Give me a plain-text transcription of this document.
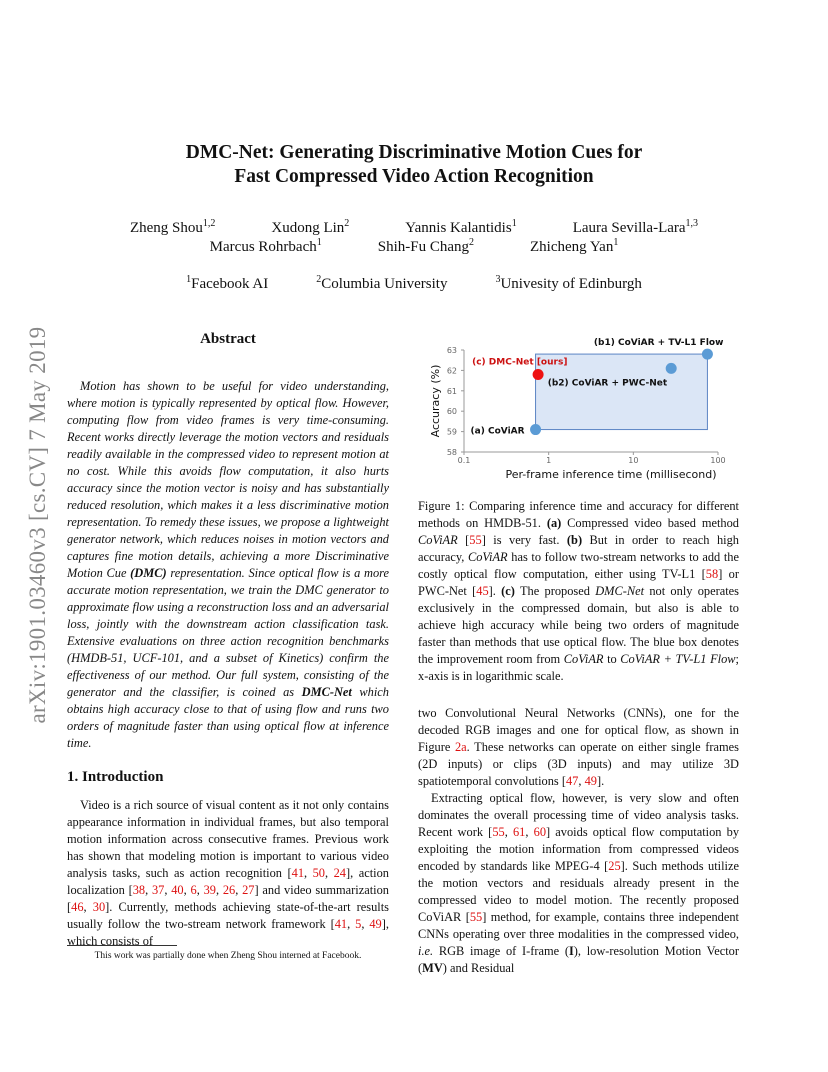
arXiv:1901.03460v3 [cs.CV] 7 May 2019
DMC-Net: Generating Discriminative Motion Cues for
Fast Compressed Video Action Recognition
Zheng Shou$^{1,2}$	Xudong Lin$^2$	Yannis Kalantidis$^1$	Laura Sevilla-Lara$^{1,3}$
Marcus Rohrbach$^1$	Shih-Fu Chang$^2$	Zhicheng Yan$^1$
$^1$Facebook AI	$^2$Columbia University	$^3$Univesity of Edinburgh
Abstract

Motion has shown to be useful for video understanding, where motion is typically represented by optical flow. However, computing flow from video frames is very time-consuming. Recent works directly leverage the motion vectors and residuals readily available in the compressed video to represent motion at no cost. While this avoids flow computation, it also hurts accuracy since the motion vector is noisy and has substantially reduced resolution, which makes it a less discriminative motion representation. To remedy these issues, we propose a lightweight generator network, which reduces noises in motion vectors and captures fine motion details, achieving a more Discriminative Motion Cue (DMC) representation. Since optical flow is a more accurate motion representation, we train the DMC generator to approximate flow using a reconstruction loss and an adversarial loss, jointly with the downstream action classification task. Extensive evaluations on three action recognition benchmarks (HMDB-51, UCF-101, and a subset of Kinetics) confirm the effectiveness of our method. Our full system, consisting of the generator and the classifier, is coined as DMC-Net which obtains high accuracy close to that of using flow and runs two orders of magnitude faster than using optical flow at inference time.

1. Introduction

Video is a rich source of visual content as it not only contains appearance information in individual frames, but also temporal motion information across consecutive frames. Previous work has shown that modeling motion is important to various video analysis tasks, such as action recognition [41, 50, 24], action localization [38, 37, 40, 6, 39, 26, 27] and video summarization [46, 30]. Currently, methods achieving state-of-the-art results usually follow the two-stream network framework [41, 5, 49], which consists of

This work was partially done when Zheng Shou interned at Facebook.
58
59
60
61
62
63
0.1	1	10	100
Per-frame inference time (millisecond)
Accuracy (%)	(a) CoViAR
(b2) CoViAR + PWC-Net
(b1) CoViAR + TV-L1 Flow
(c) DMC-Net [ours]

Figure 1: Comparing inference time and accuracy for different methods on HMDB-51. (a) Compressed video based method CoViAR [55] is very fast. (b) But in order to reach high accuracy, CoViAR has to follow two-stream networks to add the costly optical flow computation, either using TV-L1 [58] or PWC-Net [45]. (c) The proposed DMC-Net not only operates exclusively in the compressed domain, but also is able to achieve high accuracy while being two orders of magnitude faster than methods that use optical flow. The blue box denotes the improvement room from CoViAR to CoViAR + TV-L1 Flow; x-axis is in logarithmic scale.

two Convolutional Neural Networks (CNNs), one for the decoded RGB images and one for optical flow, as shown in Figure 2a. These networks can operate on either single frames (2D inputs) or clips (3D inputs) and may utilize 3D spatiotemporal convolutions [47, 49].

Extracting optical flow, however, is very slow and often dominates the overall processing time of video analysis tasks. Recent work [55, 61, 60] avoids optical flow computation by exploiting the motion information from compressed videos encoded by standards like MPEG-4 [25]. Such methods utilize the motion vectors and residuals already present in the compressed video to model motion. The recently proposed CoViAR [55] method, for example, contains three independent CNNs operating over three modalities in the compressed video, i.e. RGB image of I-frame (I), low-resolution Motion Vector (MV) and Residual
